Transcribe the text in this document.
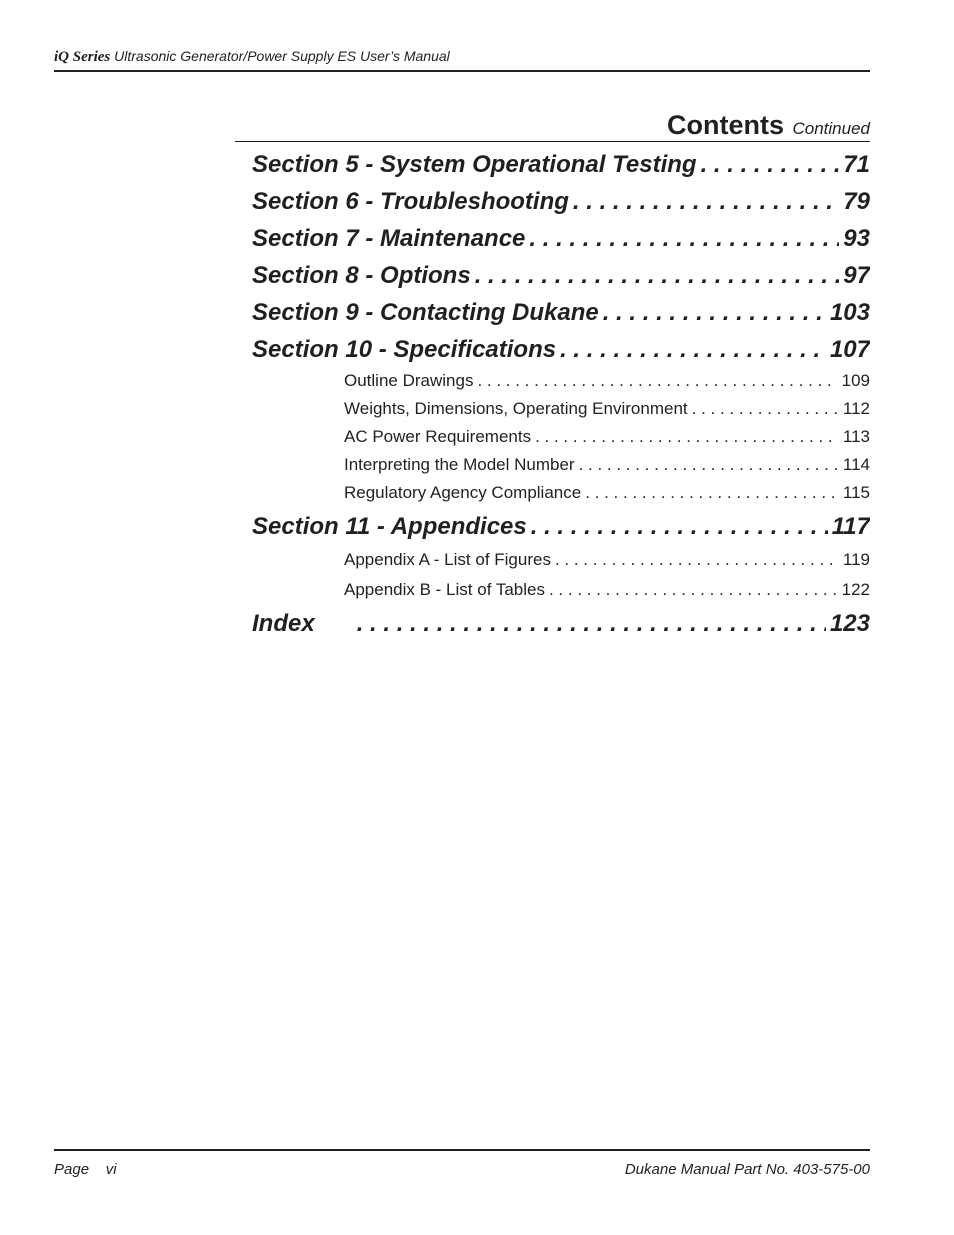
iQ Series Ultrasonic Generator/Power Supply ES User’s Manual
Contents Continued
Section 5 - System Operational Testing . . .	71
Section 6 - Troubleshooting . . .	79
Section 7 - Maintenance . . .	93
Section 8 - Options . . .	97
Section 9 - Contacting Dukane . . .	103
Section 10 - Specifications . . .	107
Outline Drawings . . .	109
Weights, Dimensions, Operating Environment . . .	112
AC Power Requirements . . .	113
Interpreting the Model Number . . .	114
Regulatory Agency Compliance . . .	115
Section 11 - Appendices . . .	117
Appendix A - List of Figures . . .	119
Appendix B - List of Tables . . .	122
Index . . .	123
Page vi	Dukane Manual Part No. 403-575-00
